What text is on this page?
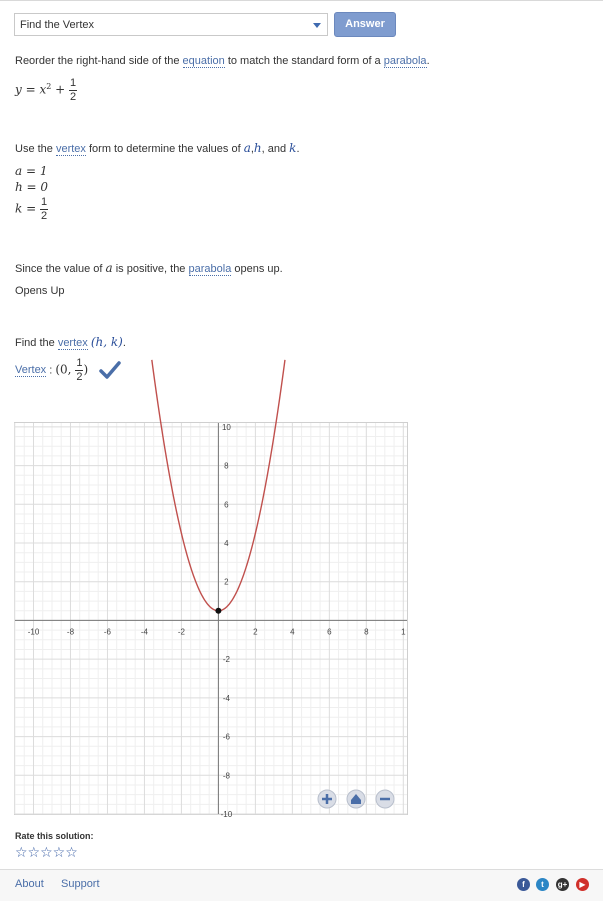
Find the Vertex	Answer
Reorder the right-hand side of the equation to match the standard form of a parabola.
$y = x^2 + \frac{1}{2}$
Use the vertex form to determine the values of a,h, and k.
a = 1
h = 0
$k = \frac{1}{2}$
Since the value of a is positive, the parabola opens up.
Opens Up
Find the vertex (h, k).
Vertex : (0, $\frac{1}{2}$ )
-10	-8	-6	-4	-2	2	4	6	8	1
10
8
6
4
2
-2
-4
-6
-8
-10
Rate this solution:
☆☆☆☆☆
About Support	f	t	g+	▶
